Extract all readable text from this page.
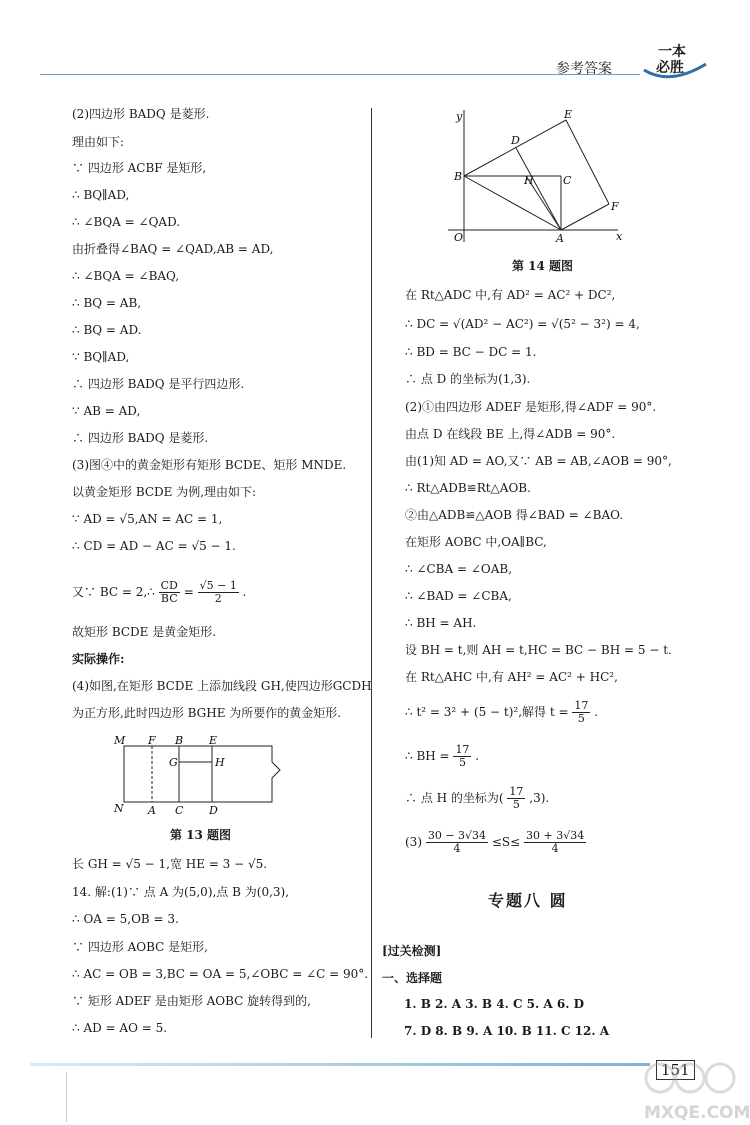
参考答案
一本
必胜
(2)四边形 BADQ 是菱形.
理由如下:
∵ 四边形 ACBF 是矩形,
∴ BQ∥AD,
∴ ∠BQA = ∠QAD.
由折叠得∠BAQ = ∠QAD,AB = AD,
∴ ∠BQA = ∠BAQ,
∴ BQ = AB,
∴ BQ = AD.
∵ BQ∥AD,
∴ 四边形 BADQ 是平行四边形.
∵ AB = AD,
∴ 四边形 BADQ 是菱形.
(3)图④中的黄金矩形有矩形 BCDE、矩形 MNDE.
以黄金矩形 BCDE 为例,理由如下:
∵ AD = √5,AN = AC = 1,
∴ CD = AD − AC = √5 − 1.
又∵ BC = 2,∴ $\frac{CD}{BC} = \frac{√5 - 1}{2}$ .
故矩形 BCDE 是黄金矩形.
实际操作:
(4)如图,在矩形 BCDE 上添加线段 GH,使四边形GCDH
为正方形,此时四边形 BGHE 为所要作的黄金矩形.
M F B E
G	H
N A C D
第 13 题图
长 GH = √5 − 1,宽 HE = 3 − √5.
14. 解:(1)∵ 点 A 为(5,0),点 B 为(0,3),
∴ OA = 5,OB = 3.
∵ 四边形 AOBC 是矩形,
∴ AC = OB = 3,BC = OA = 5,∠OBC = ∠C = 90°.
∵ 矩形 ADEF 是由矩形 AOBC 旋转得到的,
∴ AD = AO = 5.
y	E
D
B	H	C
F
O	A	x
第 14 题图
在 Rt△ADC 中,有 AD² = AC² + DC²,
∴ DC = √(AD² − AC²) = √(5² − 3²) = 4,
∴ BD = BC − DC = 1.
∴ 点 D 的坐标为(1,3).
(2)①由四边形 ADEF 是矩形,得∠ADF = 90°.
由点 D 在线段 BE 上,得∠ADB = 90°.
由(1)知 AD = AO,又∵ AB = AB,∠AOB = 90°,
∴ Rt△ADB≌Rt△AOB.
②由△ADB≌△AOB 得∠BAD = ∠BAO.
在矩形 AOBC 中,OA∥BC,
∴ ∠CBA = ∠OAB,
∴ ∠BAD = ∠CBA,
∴ BH = AH.
设 BH = t,则 AH = t,HC = BC − BH = 5 − t.
在 Rt△AHC 中,有 AH² = AC² + HC²,
∴ t² = 3² + (5 − t)²,解得 $t = \frac{17}{5}$ .
∴ BH = $\frac{17}{5}$ .
∴ 点 H 的坐标为( $\frac{17}{5} ,3$).
$(3) \frac{30 - 3√34}{4} \le S\le \frac{30 + 3√34}{4}$
专题八 圆
[过关检测]
一、选择题
1. B 2. A 3. B 4. C 5. A 6. D
7. D 8. B 9. A 10. B 11. C 12. A
151
MXQE.COM
